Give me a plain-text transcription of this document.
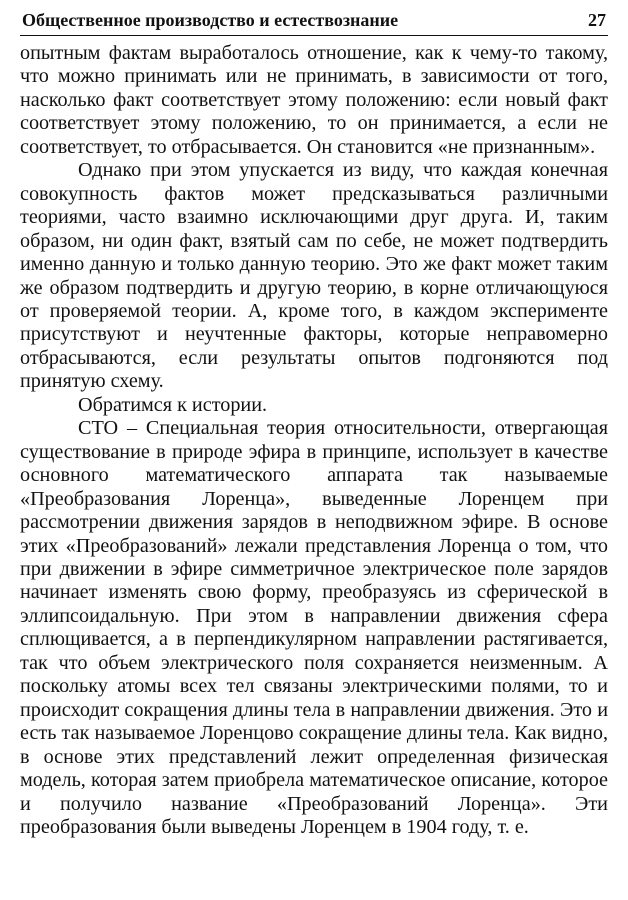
Общественное производство и естествознание	27

опытным фактам выработалось отношение, как к чему-то такому, что можно принимать или не принимать, в зависимости от того, насколько факт соответствует этому положению: если новый факт соответствует этому положению, то он принимается, а если не соответствует, то отбрасывается. Он становится «не признанным».

Однако при этом упускается из виду, что каждая конечная совокупность фактов может предсказываться различными теориями, часто взаимно исключающими друг друга. И, таким образом, ни один факт, взятый сам по себе, не может подтвердить именно данную и только данную теорию. Это же факт может таким же образом подтвердить и другую теорию, в корне отличающуюся от проверяемой теории. А, кроме того, в каждом эксперименте присутствуют и неучтенные факторы, которые неправомерно отбрасываются, если результаты опытов подгоняются под принятую схему.

Обратимся к истории.

СТО – Специальная теория относительности, отвергающая существование в природе эфира в принципе, использует в качестве основного математического аппарата так называемые «Преобразования Лоренца», выведенные Лоренцем при рассмотрении движения зарядов в неподвижном эфире. В основе этих «Преобразований» лежали представления Лоренца о том, что при движении в эфире симметричное электрическое поле зарядов начинает изменять свою форму, преобразуясь из сферической в эллипсоидальную. При этом в направлении движения сфера сплющивается, а в перпендикулярном направлении растягивается, так что объем электрического поля сохраняется неизменным. А поскольку атомы всех тел связаны электрическими полями, то и происходит сокращения длины тела в направлении движения. Это и есть так называемое Лоренцово сокращение длины тела. Как видно, в основе этих представлений лежит определенная физическая модель, которая затем приобрела математическое описание, которое и получило название «Преобразований Лоренца». Эти преобразования были выведены Лоренцем в 1904 году, т. е.
